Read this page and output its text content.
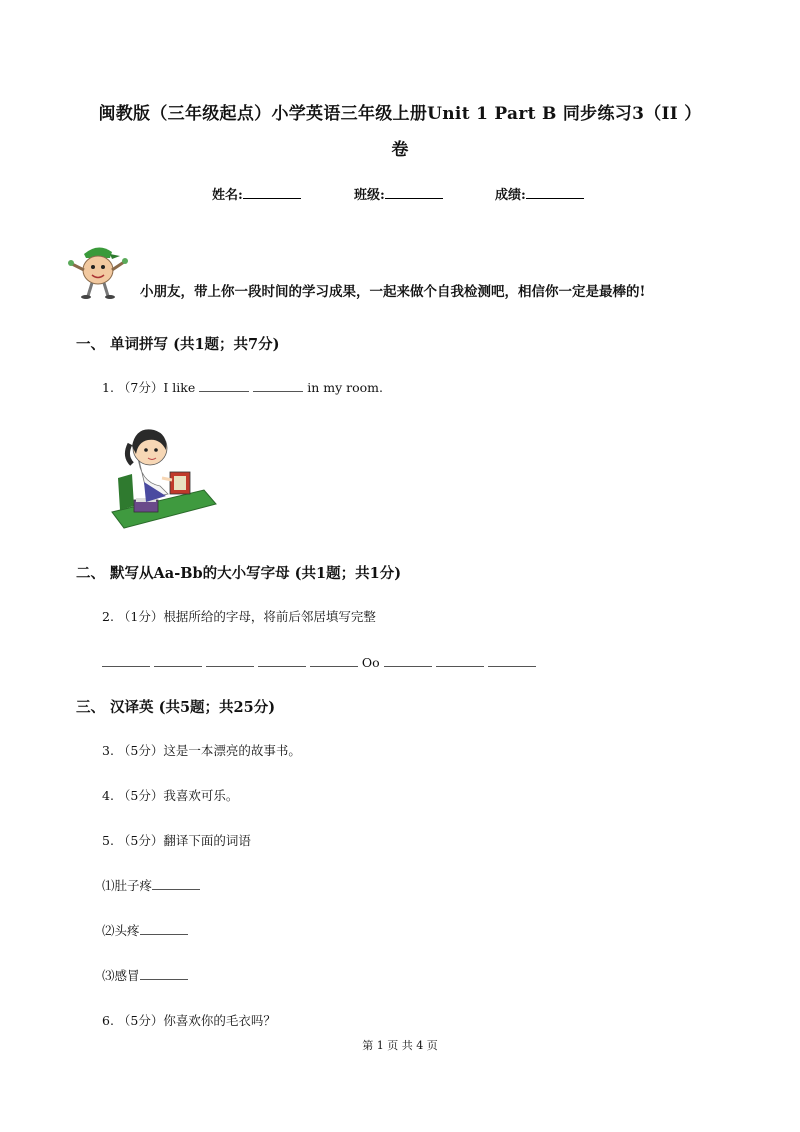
闽教版（三年级起点）小学英语三年级上册Unit 1 Part B 同步练习3（II ）
卷
姓名:	班级:	成绩:
小朋友，带上你一段时间的学习成果，一起来做个自我检测吧，相信你一定是最棒的!
一、 单词拼写 (共1题；共7分)
1. （7分）I like	in my room.
二、 默写从Aa-Bb的大小写字母 (共1题；共1分)
2. （1分）根据所给的字母，将前后邻居填写完整
Oo
三、 汉译英 (共5题；共25分)
3. （5分）这是一本漂亮的故事书。
4. （5分）我喜欢可乐。
5. （5分）翻译下面的词语
⑴肚子疼
⑵头疼
⑶感冒
6. （5分）你喜欢你的毛衣吗？
第 1 页 共 4 页
